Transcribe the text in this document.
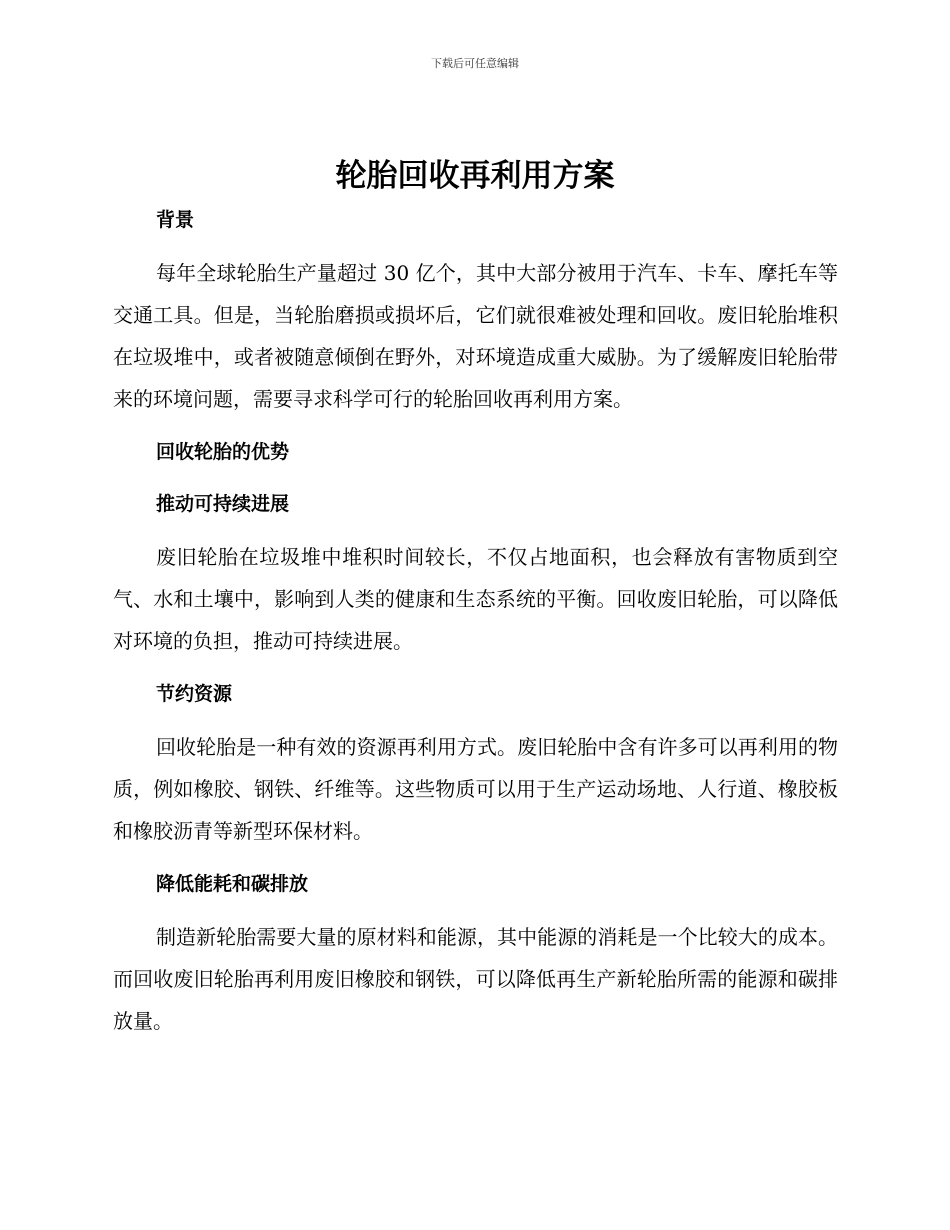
下载后可任意编辑
轮胎回收再利用方案
背景

每年全球轮胎生产量超过 30 亿个，其中大部分被用于汽车、卡车、摩托车等交通工具。但是，当轮胎磨损或损坏后，它们就很难被处理和回收。废旧轮胎堆积在垃圾堆中，或者被随意倾倒在野外，对环境造成重大威胁。为了缓解废旧轮胎带来的环境问题，需要寻求科学可行的轮胎回收再利用方案。

回收轮胎的优势
推动可持续进展

废旧轮胎在垃圾堆中堆积时间较长，不仅占地面积，也会释放有害物质到空气、水和土壤中，影响到人类的健康和生态系统的平衡。回收废旧轮胎，可以降低对环境的负担，推动可持续进展。

节约资源

回收轮胎是一种有效的资源再利用方式。废旧轮胎中含有许多可以再利用的物质，例如橡胶、钢铁、纤维等。这些物质可以用于生产运动场地、人行道、橡胶板和橡胶沥青等新型环保材料。

降低能耗和碳排放

制造新轮胎需要大量的原材料和能源，其中能源的消耗是一个比较大的成本。而回收废旧轮胎再利用废旧橡胶和钢铁，可以降低再生产新轮胎所需的能源和碳排放量。
